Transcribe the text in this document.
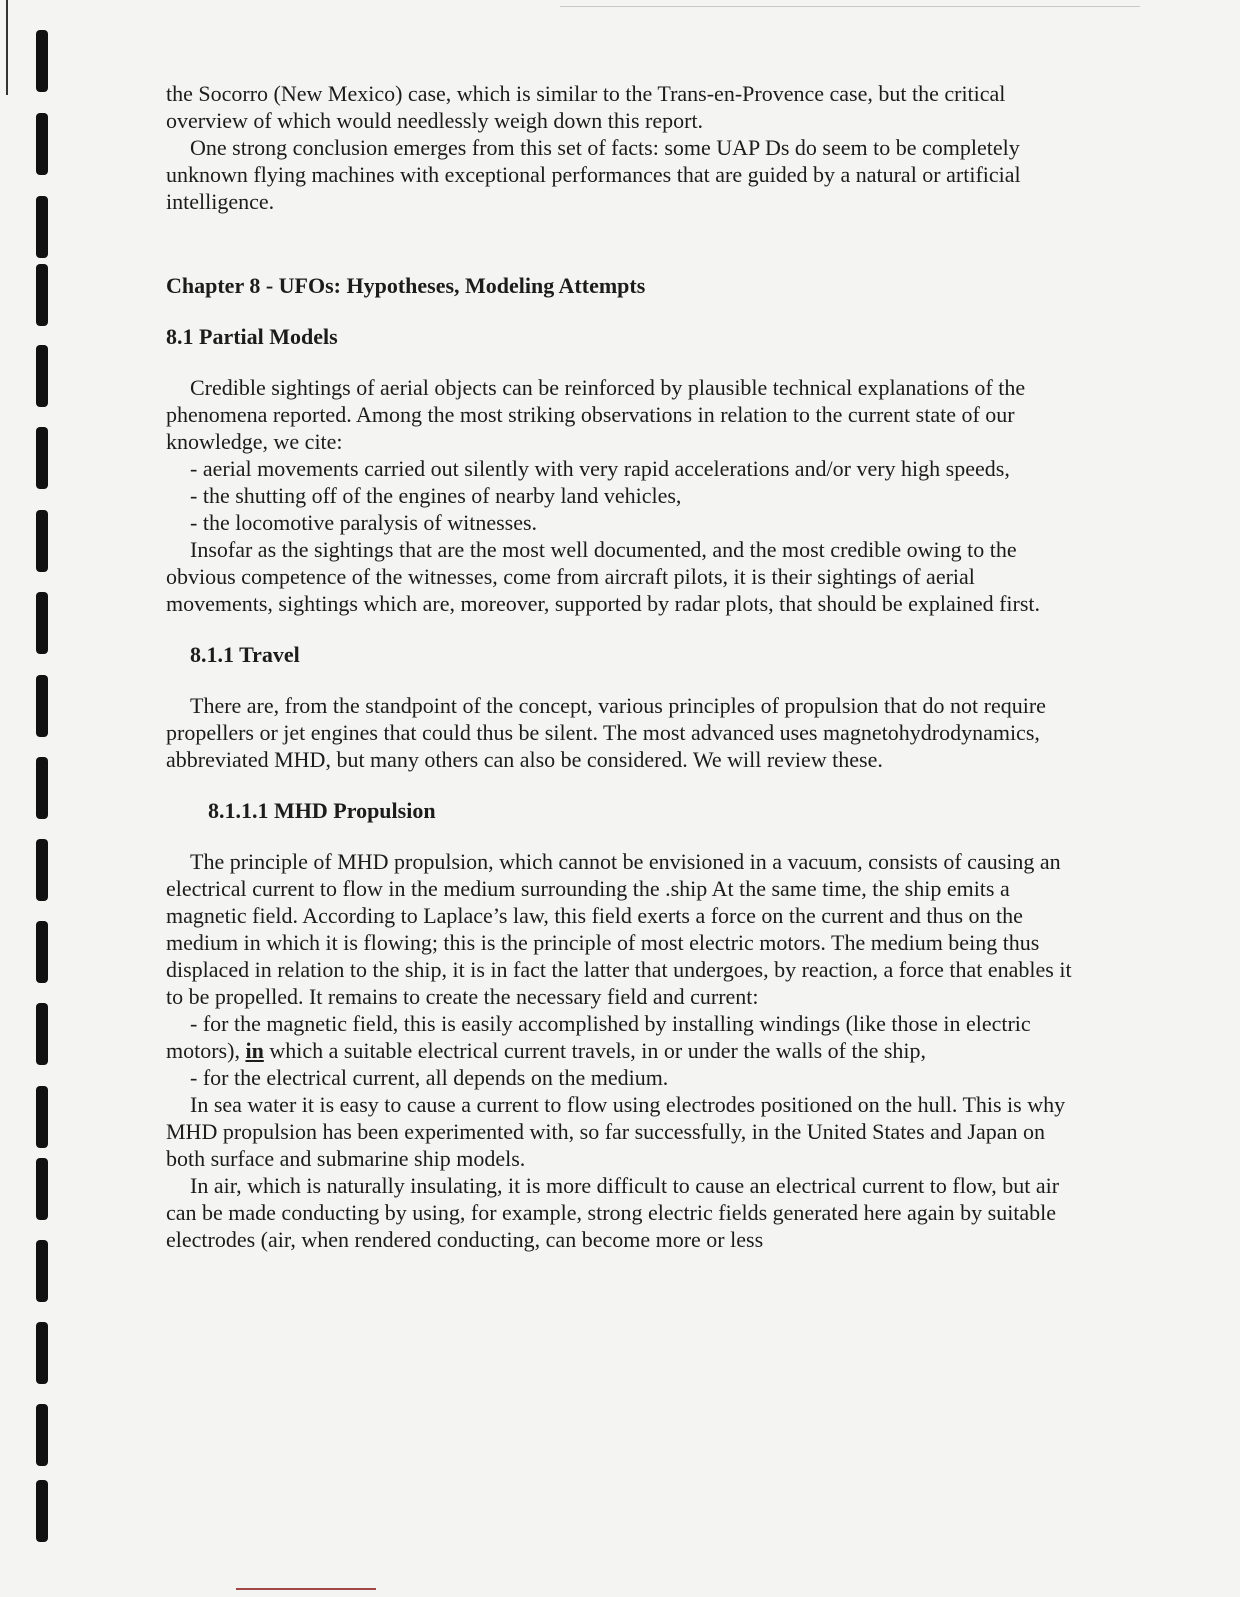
the Socorro (New Mexico) case, which is similar to the Trans-en-Provence case, but the critical overview of which would needlessly weigh down this report.

One strong conclusion emerges from this set of facts: some UAP Ds do seem to be completely unknown flying machines with exceptional performances that are guided by a natural or artificial intelligence.

Chapter 8 - UFOs: Hypotheses, Modeling Attempts
8.1 Partial Models

Credible sightings of aerial objects can be reinforced by plausible technical explanations of the phenomena reported. Among the most striking observations in relation to the current state of our knowledge, we cite:

- aerial movements carried out silently with very rapid accelerations and/or very high speeds,

- the shutting off of the engines of nearby land vehicles,

- the locomotive paralysis of witnesses.

Insofar as the sightings that are the most well documented, and the most credible owing to the obvious competence of the witnesses, come from aircraft pilots, it is their sightings of aerial movements, sightings which are, moreover, supported by radar plots, that should be explained first.

8.1.1 Travel

There are, from the standpoint of the concept, various principles of propulsion that do not require propellers or jet engines that could thus be silent. The most advanced uses magnetohydrodynamics, abbreviated MHD, but many others can also be considered. We will review these.

8.1.1.1 MHD Propulsion

The principle of MHD propulsion, which cannot be envisioned in a vacuum, consists of causing an electrical current to flow in the medium surrounding the .ship At the same time, the ship emits a magnetic field. According to Laplace’s law, this field exerts a force on the current and thus on the medium in which it is flowing; this is the principle of most electric motors. The medium being thus displaced in relation to the ship, it is in fact the latter that undergoes, by reaction, a force that enables it to be propelled. It remains to create the necessary field and current:

- for the magnetic field, this is easily accomplished by installing windings (like those in electric motors), in which a suitable electrical current travels, in or under the walls of the ship,

- for the electrical current, all depends on the medium.

In sea water it is easy to cause a current to flow using electrodes positioned on the hull. This is why MHD propulsion has been experimented with, so far successfully, in the United States and Japan on both surface and submarine ship models.

In air, which is naturally insulating, it is more difficult to cause an electrical current to flow, but air can be made conducting by using, for example, strong electric fields generated here again by suitable electrodes (air, when rendered conducting, can become more or less
